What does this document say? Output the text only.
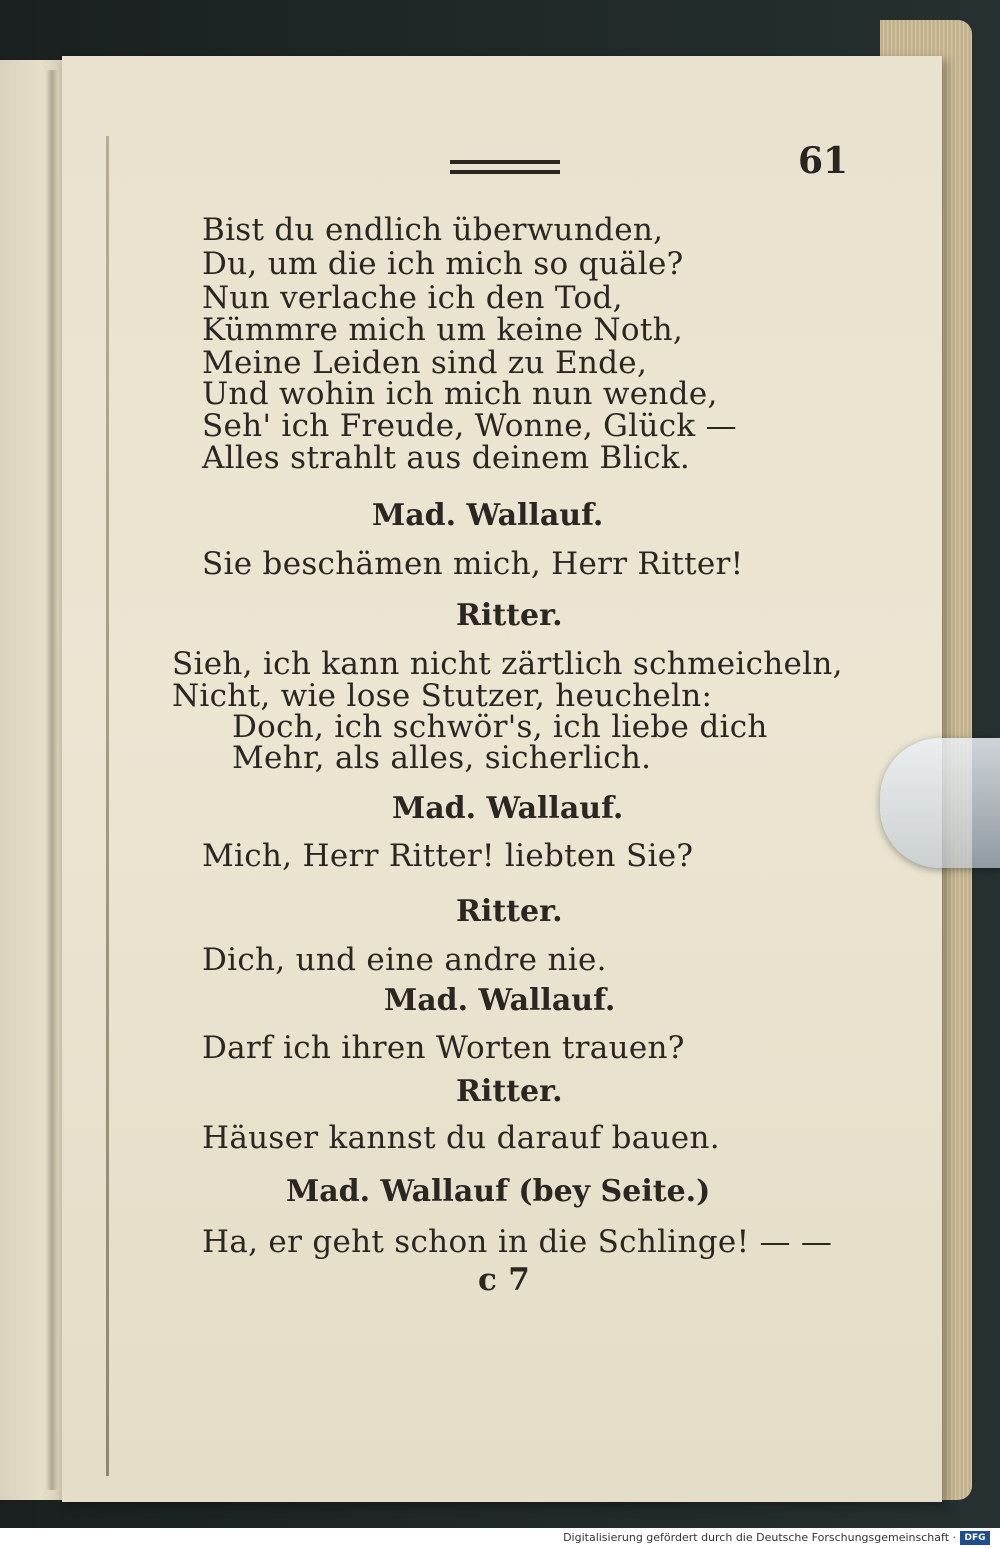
61
Bist du endlich überwunden,
Du, um die ich mich so quäle?
Nun verlache ich den Tod,
Kümmre mich um keine Noth,
Meine Leiden sind zu Ende,
Und wohin ich mich nun wende,
Seh' ich Freude, Wonne, Glück —
Alles strahlt aus deinem Blick.
Mad. Wallauf.
Sie beschämen mich, Herr Ritter!
Ritter.
Sieh, ich kann nicht zärtlich schmeicheln,
Nicht, wie lose Stutzer, heucheln:
Doch, ich schwör's, ich liebe dich
Mehr, als alles, sicherlich.
Mad. Wallauf.
Mich, Herr Ritter! liebten Sie?
Ritter.
Dich, und eine andre nie.
Mad. Wallauf.
Darf ich ihren Worten trauen?
Ritter.
Häuser kannst du darauf bauen.
Mad. Wallauf (bey Seite.)
Ha, er geht schon in die Schlinge! — —
c 7
Digitalisierung gefördert durch die Deutsche Forschungsgemeinschaft · DFG
